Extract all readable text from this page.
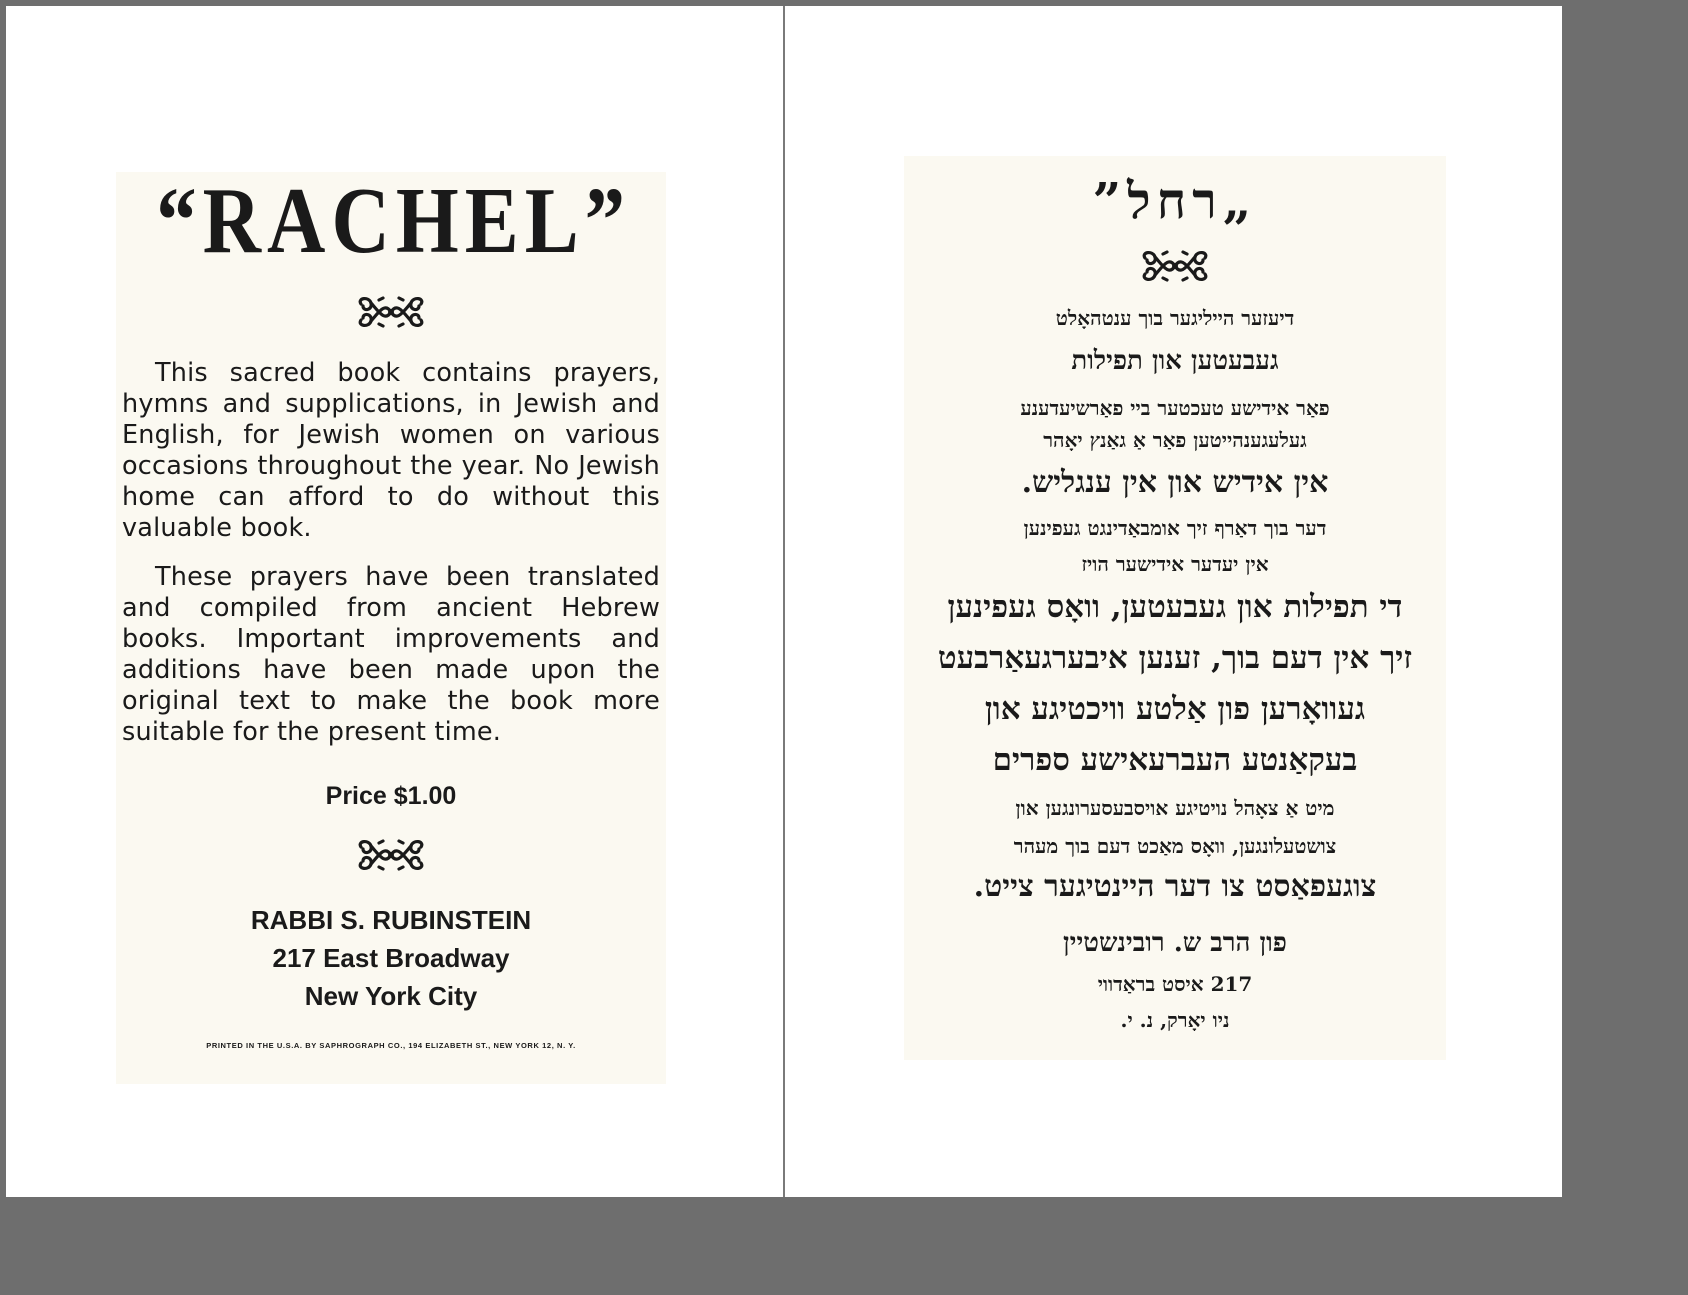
“RACHEL”

This sacred book contains prayers, hymns and supplications, in Jewish and English, for Jewish women on various occasions throughout the year. No Jewish home can afford to do without this valuable book.

These prayers have been translated and compiled from ancient Hebrew books. Important improvements and additions have been made upon the original text to make the book more suitable for the present time.

Price $1.00
RABBI S. RUBINSTEIN
217 East Broadway
New York City
PRINTED IN THE U.S.A. BY SAPHROGRAPH CO., 194 ELIZABETH ST., NEW YORK 12, N. Y.
„רחל”
דיעזער הייליגער בוך ענטהאָלט
געבעטען און תפילות
פאַר אידישע טעכטער ביי פאַרשיעדענע
געלעגענהייטען פאַר אַ גאַנץ יאָהר
אין אידיש און אין ענגליש.
דער בוך דאַרף זיך אומבאַדינגט געפינען
אין יעדער אידישער הויז
די תפילות און געבעטען, וואָס געפינען
זיך אין דעם בוך, זענען איבערגעאַרבעט
געוואָרען פון אַלטע וויכטיגע און
בעקאַנטע העברעאישע ספרים
מיט אַ צאָהל נויטיגע אויסבעסערונגען און
צושטעלונגען, וואָס מאַכט דעם בוך מעהר
צוגעפאַסט צו דער היינטיגער צייט.
פון הרב ש. רובינשטיין
217 איסט בראַדווי
ניו יאָרק, נ. י.
